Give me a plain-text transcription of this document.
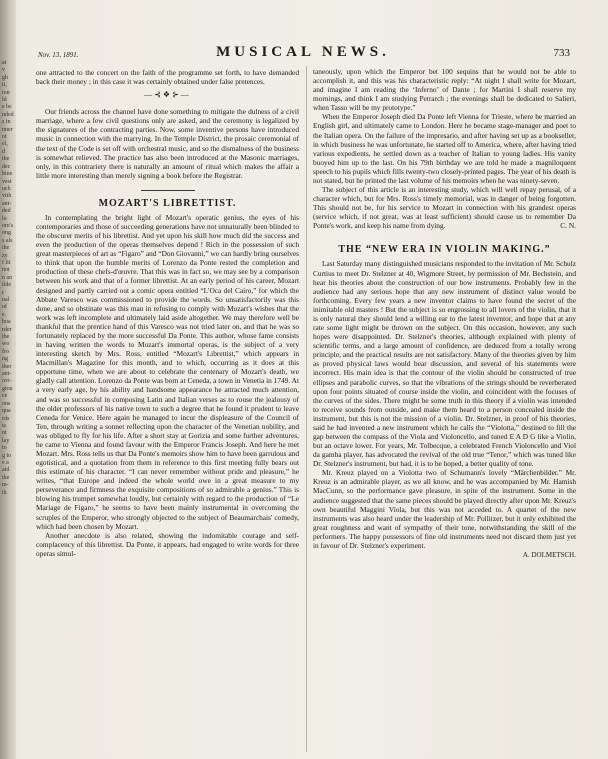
at
v
gh
ti,
ren
ld
e be
nded
s in
nner
ot
el,
d
the
dec
bine
vest
uch
vith
ant-
ded
lo
om's
ong
s als
the
zy
f lit
not
n an
ilde
r
nal
of
e.
hoa
rder
the
wo
fro
ng
ther
ant-
ovi-
gion
ce
ons
qua
rds
ts
nt
lay
to
g to
e a
aid
the
m-
th
Nov. 13, 1891.	MUSICAL NEWS.	733

one attracted to the concert on the faith of the programme set forth, to have demanded back their money ; in this case it was certainly obtained under false pretences.

—⊰❖⊱—

Our friends across the channel have done something to mitigate the dulness of a civil marriage, where a few civil questions only are asked, and the ceremony is legalized by the signatures of the contracting parties. Now, some inventive persons have introduced music in connection with the marrying. In the Temple District, the prosaic ceremonial of the text of the Code is set off with orchestral music, and so the dismalness of the business is somewhat relieved. The practice has also been introduced at the Masonic marriages, only, in this contrariety there is naturally an amount of ritual which makes the affair a little more interesting than merely signing a book before the Registrar.

MOZART'S LIBRETTIST.

In contemplating the bright light of Mozart's operatic genius, the eyes of his contemporaries and those of succeeding generations have not unnaturally been blinded to the obscurer merits of his librettist. And yet upon his skill how much did the success and even the production of the operas themselves depend ! Rich in the possession of such great masterpieces of art as “Figaro” and “Don Giovanni,” we can hardly bring ourselves to think that upon the humble merits of Lorenzo da Ponte rested the completion and production of these chefs-d'œuvre. That this was in fact so, we may see by a comparison between his work and that of a former librettist. At an early period of his career, Mozart designed and partly carried out a comic opera entitled “L'Oca del Cairo,” for which the Abbate Varesco was commissioned to provide the words. So unsatisfactorily was this done, and so obstinate was this man in refusing to comply with Mozart's wishes that the work was left incomplete and ultimately laid aside altogether. We may therefore well be thankful that the prentice hand of this Varesco was not tried later on, and that he was so fortunately replaced by the more successful Da Ponte. This author, whose fame consists in having written the words to Mozart's immortal operas, is the subject of a very interesting sketch by Mrs. Ross, entitled “Mozart's Librettist,” which appears in Macmillan's Magazine for this month, and to which, occurring as it does at this opportune time, when we are about to celebrate the centenary of Mozart's death, we gladly call attention. Lorenzo da Ponte was born at Ceneda, a town in Venetia in 1749. At a very early age, by his ability and handsome appearance he attracted much attention, and was so successful in composing Latin and Italian verses as to rouse the jealousy of the older professors of his native town to such a degree that he found it prudent to leave Ceneda for Venice. Here again he managed to incur the displeasure of the Council of Ten, through writing a sonnet reflecting upon the character of the Venetian nobility, and was obliged to fly for his life. After a short stay at Gorizia and some further adventures, he came to Vienna and found favour with the Emperor Francis Joseph. And here he met Mozart. Mrs. Ross tells us that Da Ponte's memoirs show him to have been garrulous and egotistical, and a quotation from them in reference to this first meeting fully bears out this estimate of his character. “I can never remember without pride and pleasure,” he writes, “that Europe and indeed the whole world owe in a great measure to my perseverance and firmness the exquisite compositions of so admirable a genius.” This is blowing his trumpet somewhat loudly, but certainly with regard to the production of “Le Mariage de Figaro,” he seems to have been mainly instrumental in overcoming the scruples of the Emperor, who strongly objected to the subject of Beaumarchais' comedy, which had been chosen by Mozart.

Another anecdote is also related, showing the indomitable courage and self-complacency of this librettist. Da Ponte, it appears, had engaged to write words for three operas simul-

taneously, upon which the Emperor bet 100 sequins that he would not be able to accomplish it, and this was his characteristic reply: “At night I shall write for Mozart, and imagine I am reading the ‘Inferno’ of Dante ; for Martini I shall reserve my mornings, and think I am studying Petrarch ; the evenings shall be dedicated to Salieri, when Tasso will be my prototype.”

When the Emperor Joseph died Da Ponte left Vienna for Trieste, where he married an English girl, and ultimately came to London. Here he became stage-manager and poet to the Italian opera. On the failure of the impresario, and after having set up as a bookseller, in which business he was unfortunate, he started off to America, where, after having tried various expedients, he settled down as a teacher of Italian to young ladies. His vanity buoyed him up to the last. On his 79th birthday we are told he made a magniloquent speech to his pupils which fills twenty-two closely-printed pages. The year of his death is not stated, but he printed the last volume of his memoirs when he was ninety-seven.

The subject of this article is an interesting study, which will well repay perusal, of a character which, but for Mrs. Ross's timely memorial, was in danger of being forgotten. This should not be, for his service to Mozart in connection with his grandest operas (service which, if not great, was at least sufficient) should cause us to remember Da Ponte's work, and keep his name from dying.	C. N.

THE “NEW ERA IN VIOLIN MAKING.”

Last Saturday many distinguished musicians responded to the invitation of Mr. Schulz Curtius to meet Dr. Stelzner at 40, Wigmore Street, by permission of Mr. Bechstein, and hear his theories about the construction of our bow instruments. Probably few in the audience had any serious hope that any new instrument of distinct value would be forthcoming. Every few years a new inventor claims to have found the secret of the inimitable old masters ! But the subject is so engrossing to all lovers of the violin, that it is only natural they should lend a willing ear to the latest inventor, and hope that at any rate some light might be thrown on the subject. On this occasion, however, any such hopes were disappointed. Dr. Stelzner's theories, although explained with plenty of scientific terms, and a large amount of confidence, are deduced from a totally wrong principle, and the practical results are not satisfactory. Many of the theories given by him as proved physical laws would bear discussion, and several of his statements were incorrect. His main idea is that the contour of the violin should be constructed of true ellipses and parabolic curves, so that the vibrations of the strings should be reverberated upon four points situated of course inside the violin, and coincident with the focuses of the curves of the sides. There might be some truth in this theory if a violin was intended to receive sounds from outside, and make them heard to a person concealed inside the instrument, but this is not the mission of a violin. Dr. Stelzner, in proof of his theories, said he had invented a new instrument which he calls the “Violotta,” destined to fill the gap between the compass of the Viola and Violoncello, and tuned E A D G like a Violin, but an octave lower. For years, Mr. Tolbecque, a celebrated French Violoncello and Viol da gamba player, has advocated the revival of the old true “Tenor,” which was tuned like Dr. Stelzner's instrument, but had, it is to be hoped, a better quality of tone.

Mr. Kreuz played on a Violotta two of Schumann's lovely “Märchenbilder.” Mr. Kreuz is an admirable player, as we all know, and he was accompanied by Mr. Hamish MacCunn, so the performance gave pleasure, in spite of the instrument. Some in the audience suggested that the same pieces should be played directly after upon Mr. Kreuz's own beautiful Maggini Viola, but this was not acceded to. A quartet of the new instruments was also heard under the leadership of Mr. Pollitzer, but it only exhibited the great roughness and want of sympathy of their tone, notwithstanding the skill of the performers. The happy possessors of fine old instruments need not discard them just yet in favour of Dr. Stelzner's experiment.

A. DOLMETSCH.
